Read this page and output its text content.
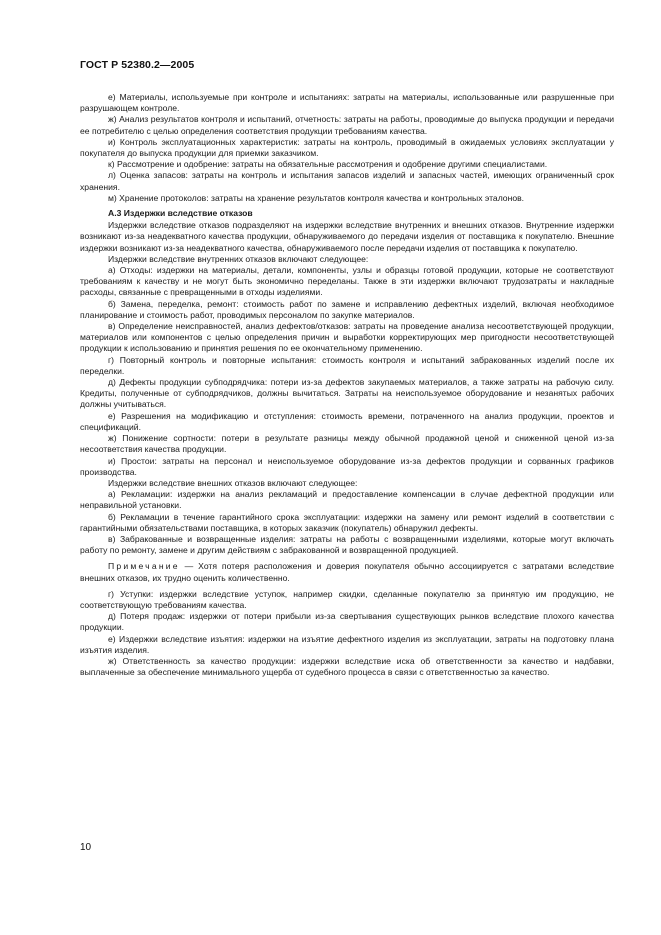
ГОСТ Р 52380.2—2005

е) Материалы, используемые при контроле и испытаниях: затраты на материалы, использованные или разрушенные при разрушающем контроле.

ж) Анализ результатов контроля и испытаний, отчетность: затраты на работы, проводимые до выпуска продукции и передачи ее потребителю с целью определения соответствия продукции требованиям качества.

и) Контроль эксплуатационных характеристик: затраты на контроль, проводимый в ожидаемых условиях эксплуатации у покупателя до выпуска продукции для приемки заказчиком.

к) Рассмотрение и одобрение: затраты на обязательные рассмотрения и одобрение другими специалистами.

л) Оценка запасов: затраты на контроль и испытания запасов изделий и запасных частей, имеющих ограниченный срок хранения.

м) Хранение протоколов: затраты на хранение результатов контроля качества и контрольных эталонов.

А.3 Издержки вследствие отказов

Издержки вследствие отказов подразделяют на издержки вследствие внутренних и внешних отказов. Внутренние издержки возникают из-за неадекватного качества продукции, обнаруживаемого до передачи изделия от поставщика к покупателю. Внешние издержки возникают из-за неадекватного качества, обнаруживаемого после передачи изделия от поставщика к покупателю.

Издержки вследствие внутренних отказов включают следующее:

а) Отходы: издержки на материалы, детали, компоненты, узлы и образцы готовой продукции, которые не соответствуют требованиям к качеству и не могут быть экономично переделаны. Также в эти издержки включают трудозатраты и накладные расходы, связанные с превращенными в отходы изделиями.

б) Замена, переделка, ремонт: стоимость работ по замене и исправлению дефектных изделий, включая необходимое планирование и стоимость работ, проводимых персоналом по закупке материалов.

в) Определение неисправностей, анализ дефектов/отказов: затраты на проведение анализа несоответствующей продукции, материалов или компонентов с целью определения причин и выработки корректирующих мер пригодности несоответствующей продукции к использованию и принятия решения по ее окончательному применению.

г) Повторный контроль и повторные испытания: стоимость контроля и испытаний забракованных изделий после их переделки.

д) Дефекты продукции субподрядчика: потери из-за дефектов закупаемых материалов, а также затраты на рабочую силу. Кредиты, полученные от субподрядчиков, должны вычитаться. Затраты на неиспользуемое оборудование и незанятых рабочих должны учитываться.

е) Разрешения на модификацию и отступления: стоимость времени, потраченного на анализ продукции, проектов и спецификаций.

ж) Понижение сортности: потери в результате разницы между обычной продажной ценой и сниженной ценой из-за несоответствия качества продукции.

и) Простои: затраты на персонал и неиспользуемое оборудование из-за дефектов продукции и сорванных графиков производства.

Издержки вследствие внешних отказов включают следующее:

а) Рекламации: издержки на анализ рекламаций и предоставление компенсации в случае дефектной продукции или неправильной установки.

б) Рекламации в течение гарантийного срока эксплуатации: издержки на замену или ремонт изделий в соответствии с гарантийными обязательствами поставщика, в которых заказчик (покупатель) обнаружил дефекты.

в) Забракованные и возвращенные изделия: затраты на работы с возвращенными изделиями, которые могут включать работу по ремонту, замене и другим действиям с забракованной и возвращенной продукцией.

Примечание — Хотя потеря расположения и доверия покупателя обычно ассоциируется с затратами вследствие внешних отказов, их трудно оценить количественно.

г) Уступки: издержки вследствие уступок, например скидки, сделанные покупателю за принятую им продукцию, не соответствующую требованиям качества.

д) Потеря продаж: издержки от потери прибыли из-за свертывания существующих рынков вследствие плохого качества продукции.

е) Издержки вследствие изъятия: издержки на изъятие дефектного изделия из эксплуатации, затраты на подготовку плана изъятия изделия.

ж) Ответственность за качество продукции: издержки вследствие иска об ответственности за качество и надбавки, выплаченные за обеспечение минимального ущерба от судебного процесса в связи с ответственностью за качество.

10
